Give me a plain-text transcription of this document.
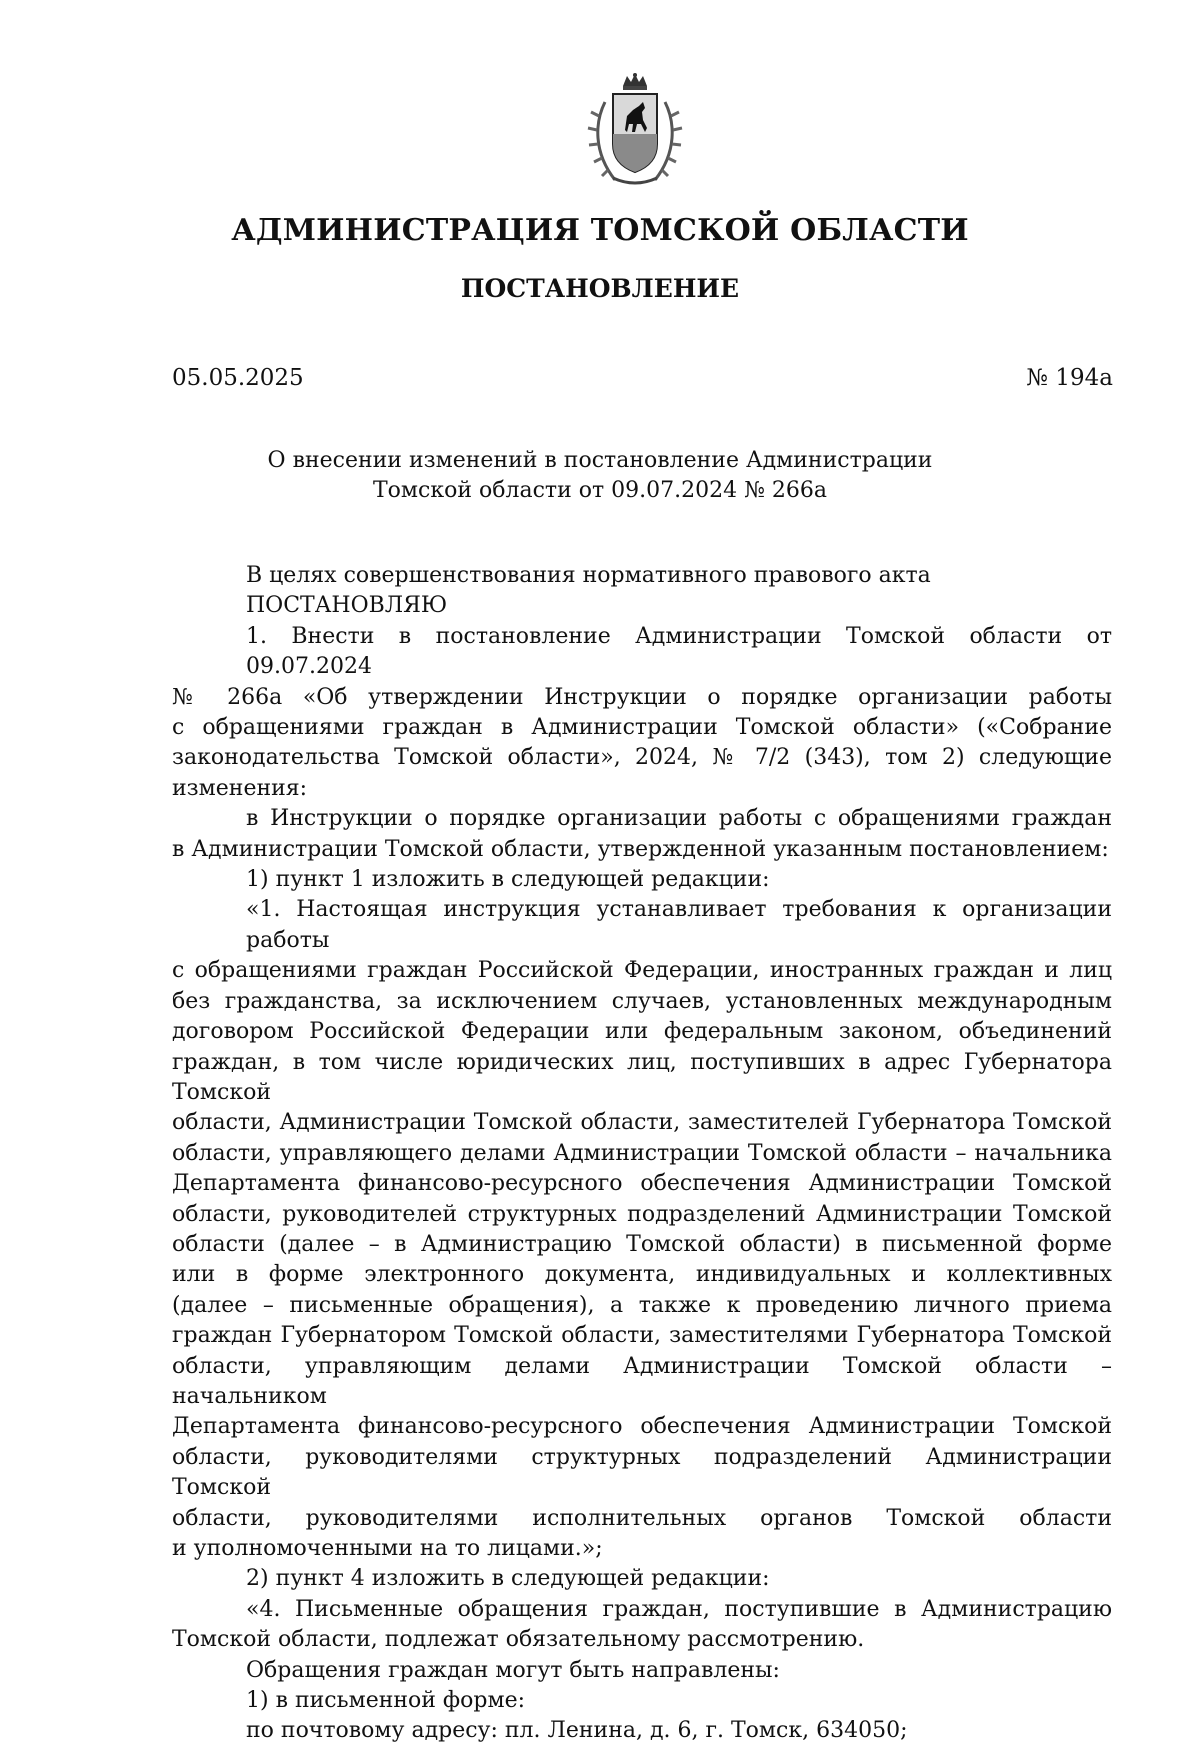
АДМИНИСТРАЦИЯ ТОМСКОЙ ОБЛАСТИ
ПОСТАНОВЛЕНИЕ
05.05.2025	№ 194а
О внесении изменений в постановление Администрации
Томской области от 09.07.2024 № 266а

В целях совершенствования нормативного правового акта

ПОСТАНОВЛЯЮ

1. Внести в постановление Администрации Томской области от 09.07.2024
№ 266а «Об утверждении Инструкции о порядке организации работы
с обращениями граждан в Администрации Томской области» («Собрание
законодательства Томской области», 2024, № 7/2 (343), том 2) следующие
изменения:
в Инструкции о порядке организации работы с обращениями граждан
в Администрации Томской области, утвержденной указанным постановлением:

1) пункт 1 изложить в следующей редакции:

«1. Настоящая инструкция устанавливает требования к организации работы
с обращениями граждан Российской Федерации, иностранных граждан и лиц
без гражданства, за исключением случаев, установленных международным
договором Российской Федерации или федеральным законом, объединений
граждан, в том числе юридических лиц, поступивших в адрес Губернатора Томской
области, Администрации Томской области, заместителей Губернатора Томской
области, управляющего делами Администрации Томской области – начальника
Департамента финансово-ресурсного обеспечения Администрации Томской
области, руководителей структурных подразделений Администрации Томской
области (далее – в Администрацию Томской области) в письменной форме
или в форме электронного документа, индивидуальных и коллективных
(далее – письменные обращения), а также к проведению личного приема
граждан Губернатором Томской области, заместителями Губернатора Томской
области, управляющим делами Администрации Томской области – начальником
Департамента финансово-ресурсного обеспечения Администрации Томской
области, руководителями структурных подразделений Администрации Томской
области, руководителями исполнительных органов Томской области
и уполномоченными на то лицами.»;

2) пункт 4 изложить в следующей редакции:

«4. Письменные обращения граждан, поступившие в Администрацию
Томской области, подлежат обязательному рассмотрению.

Обращения граждан могут быть направлены:

1) в письменной форме:

по почтовому адресу: пл. Ленина, д. 6, г. Томск, 634050;
